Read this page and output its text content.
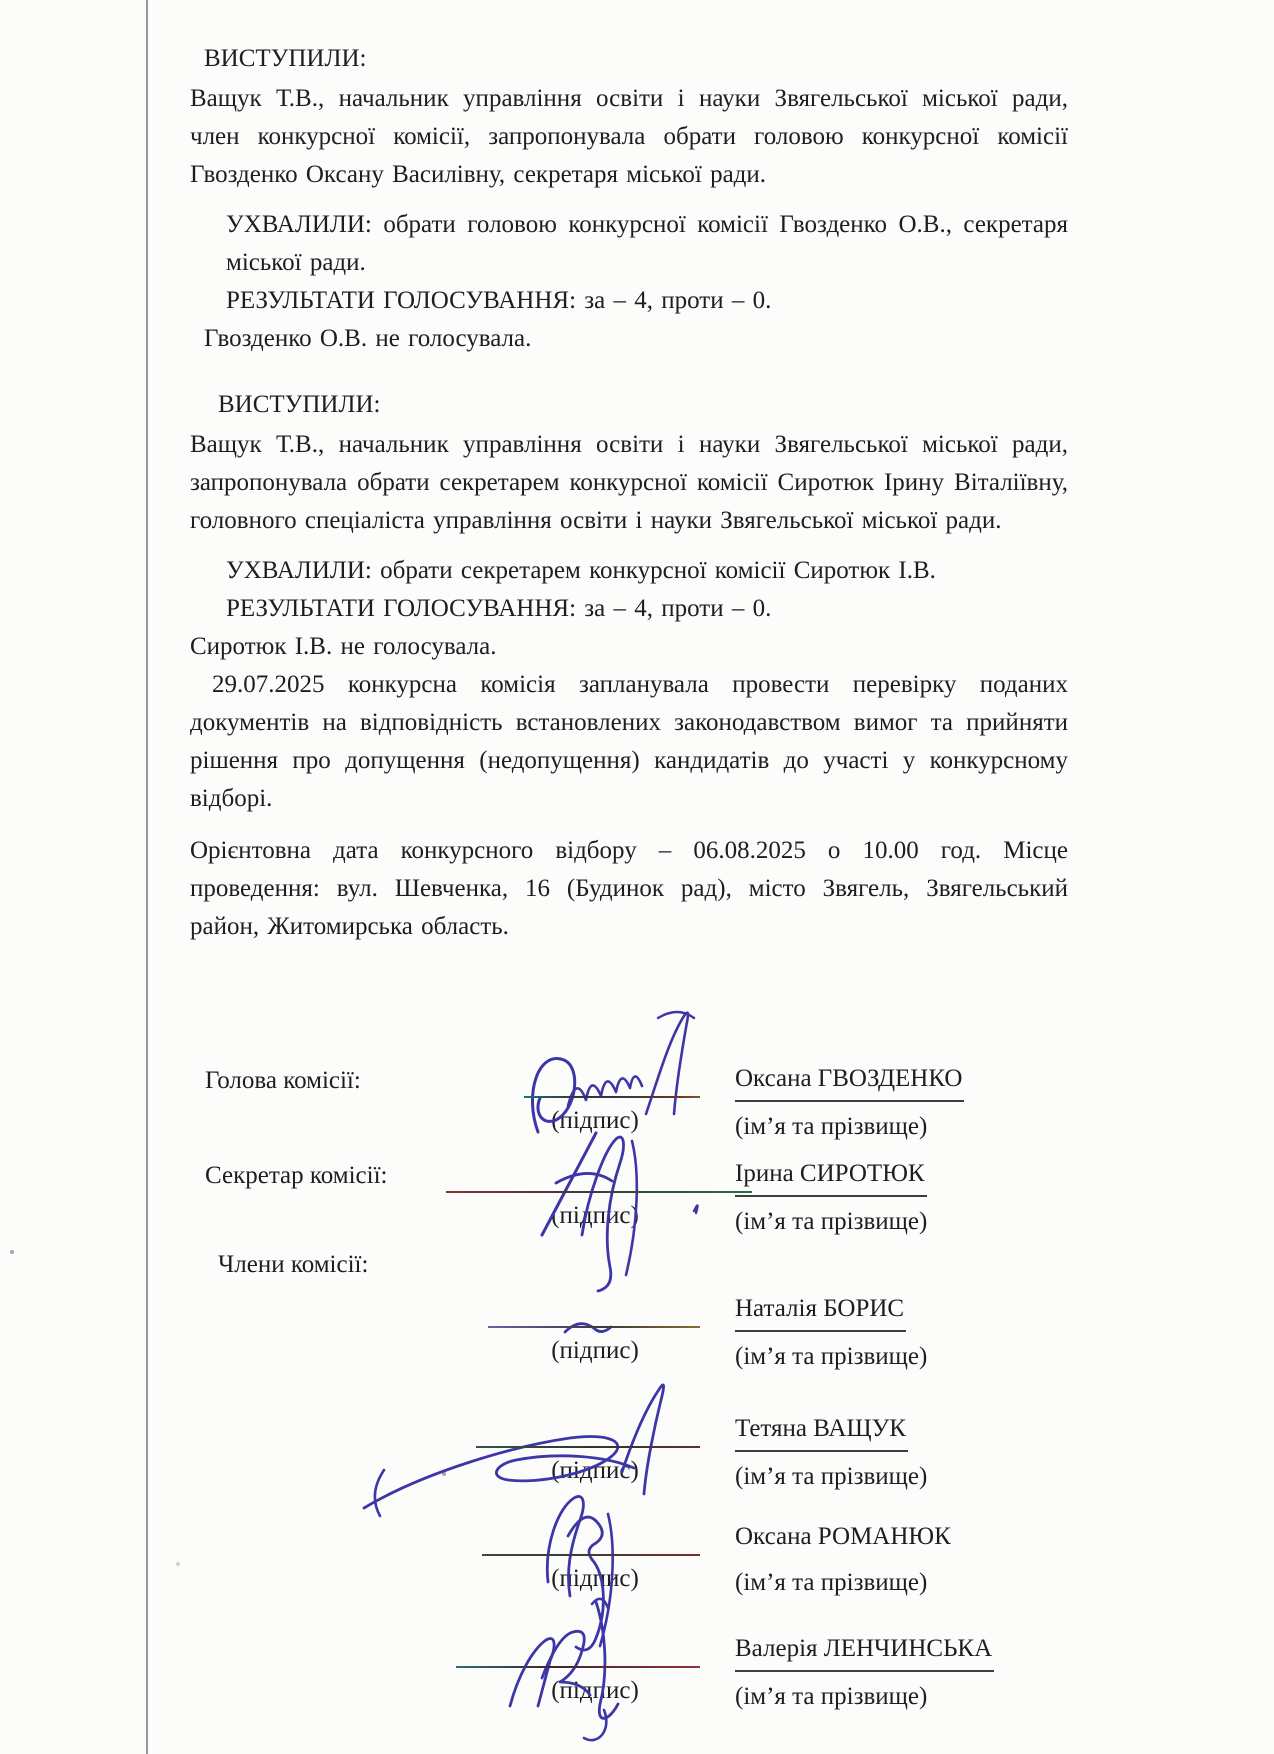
ВИСТУПИЛИ:

Ващук Т.В., начальник управління освіти і науки Звягельської міської ради, член конкурсної комісії, запропонувала обрати головою конкурсної комісії Гвозденко Оксану Василівну, секретаря міської ради.

УХВАЛИЛИ: обрати головою конкурсної комісії Гвозденко О.В., секретаря міської ради.

РЕЗУЛЬТАТИ ГОЛОСУВАННЯ: за – 4, проти – 0.

Гвозденко О.В. не голосувала.

ВИСТУПИЛИ:

Ващук Т.В., начальник управління освіти і науки Звягельської міської ради, запропонувала обрати секретарем конкурсної комісії Сиротюк Ірину Віталіївну, головного спеціаліста управління освіти і науки Звягельської міської ради.

УХВАЛИЛИ: обрати секретарем конкурсної комісії Сиротюк І.В.

РЕЗУЛЬТАТИ ГОЛОСУВАННЯ: за – 4, проти – 0.

Сиротюк І.В. не голосувала.

29.07.2025 конкурсна комісія запланувала провести перевірку поданих документів на відповідність встановлених законодавством вимог та прийняти рішення про допущення (недопущення) кандидатів до участі у конкурсному відборі.

Орієнтовна дата конкурсного відбору – 06.08.2025 о 10.00 год. Місце проведення: вул. Шевченка, 16 (Будинок рад), місто Звягель, Звягельський район, Житомирська область.

Голова комісії:
(підпис)
Оксана ГВОЗДЕНКО
(ім’я та прізвище)
Секретар комісії:
(підпис)
Ірина СИРОТЮК
(ім’я та прізвище)
Члени комісії:
(підпис)
Наталія БОРИС
(ім’я та прізвище)
(підпис)
Тетяна ВАЩУК
(ім’я та прізвище)
(підпис)
Оксана РОМАНЮК
(ім’я та прізвище)
(підпис)
Валерія ЛЕНЧИНСЬКА
(ім’я та прізвище)
